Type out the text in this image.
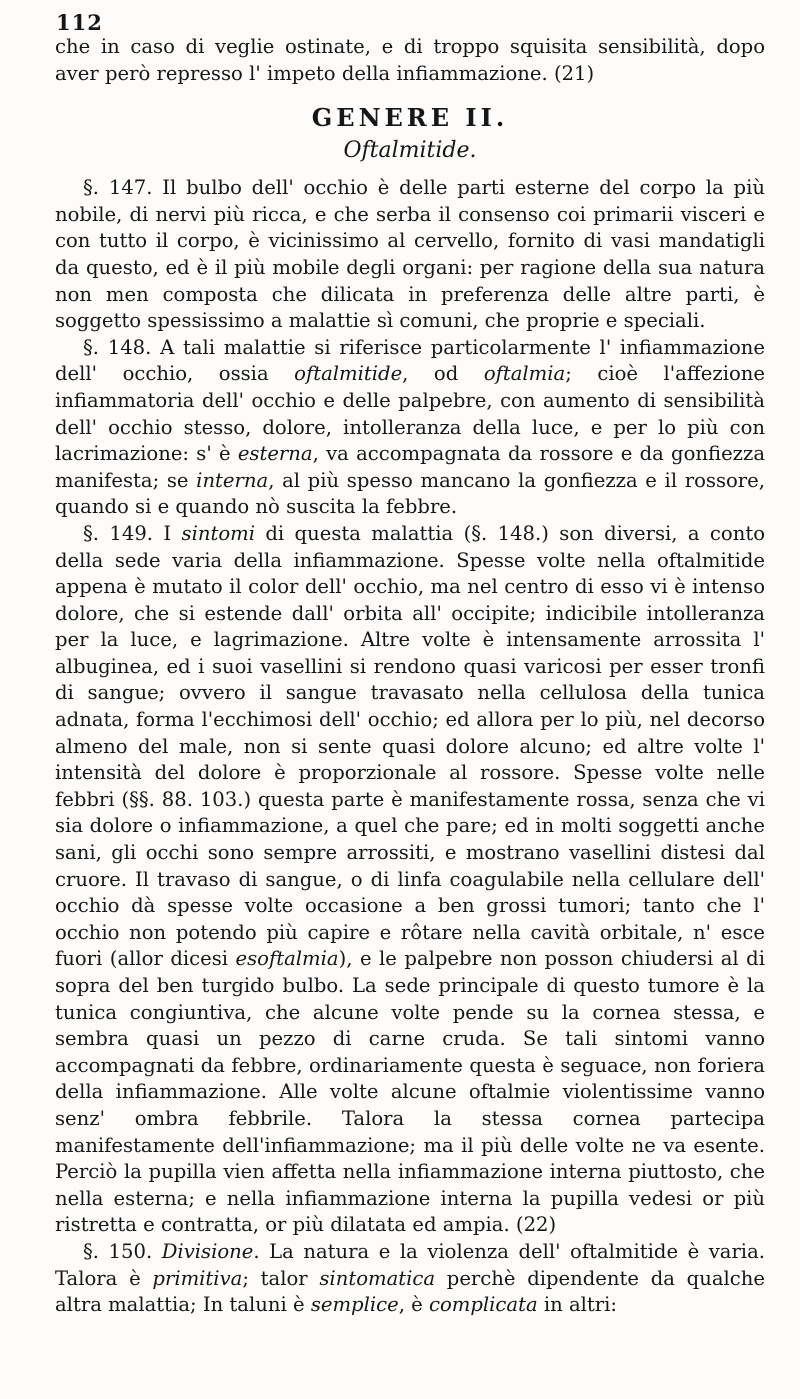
112

che in caso di veglie ostinate, e di troppo squisita sensibilità, dopo aver però represso l' impeto della infiammazione. (21)

GENERE II.
Oftalmitide.

§. 147. Il bulbo dell' occhio è delle parti esterne del corpo la più nobile, di nervi più ricca, e che serba il consenso coi primarii visceri e con tutto il corpo, è vicinissimo al cervello, fornito di vasi mandatigli da questo, ed è il più mobile degli organi: per ragione della sua natura non men composta che dilicata in preferenza delle altre parti, è soggetto spessissimo a malattie sì comuni, che proprie e speciali.

§. 148. A tali malattie si riferisce particolarmente l' infiammazione dell' occhio, ossia oftalmitide, od oftalmia; cioè l'affezione infiammatoria dell' occhio e delle palpebre, con aumento di sensibilità dell' occhio stesso, dolore, intolleranza della luce, e per lo più con lacrimazione: s' è esterna, va accompagnata da rossore e da gonfiezza manifesta; se interna, al più spesso mancano la gonfiezza e il rossore, quando si e quando nò suscita la febbre.

§. 149. I sintomi di questa malattia (§. 148.) son diversi, a conto della sede varia della infiammazione. Spesse volte nella oftalmitide appena è mutato il color dell' occhio, ma nel centro di esso vi è intenso dolore, che si estende dall' orbita all' occipite; indicibile intolleranza per la luce, e lagrimazione. Altre volte è intensamente arrossita l' albuginea, ed i suoi vasellini si rendono quasi varicosi per esser tronfi di sangue; ovvero il sangue travasato nella cellulosa della tunica adnata, forma l'ecchimosi dell' occhio; ed allora per lo più, nel decorso almeno del male, non si sente quasi dolore alcuno; ed altre volte l' intensità del dolore è proporzionale al rossore. Spesse volte nelle febbri (§§. 88. 103.) questa parte è manifestamente rossa, senza che vi sia dolore o infiammazione, a quel che pare; ed in molti soggetti anche sani, gli occhi sono sempre arrossiti, e mostrano vasellini distesi dal cruore. Il travaso di sangue, o di linfa coagulabile nella cellulare dell' occhio dà spesse volte occasione a ben grossi tumori; tanto che l' occhio non potendo più capire e rôtare nella cavità orbitale, n' esce fuori (allor dicesi esoftalmia), e le palpebre non posson chiudersi al di sopra del ben turgido bulbo. La sede principale di questo tumore è la tunica congiuntiva, che alcune volte pende su la cornea stessa, e sembra quasi un pezzo di carne cruda. Se tali sintomi vanno accompagnati da febbre, ordinariamente questa è seguace, non foriera della infiammazione. Alle volte alcune oftalmie violentissime vanno senz' ombra febbrile. Talora la stessa cornea partecipa manifestamente dell'infiammazione; ma il più delle volte ne va esente. Perciò la pupilla vien affetta nella infiammazione interna piuttosto, che nella esterna; e nella infiammazione interna la pupilla vedesi or più ristretta e contratta, or più dilatata ed ampia. (22)

§. 150. Divisione. La natura e la violenza dell' oftalmitide è varia. Talora è primitiva; talor sintomatica perchè dipendente da qualche altra malattia; In taluni è semplice, è complicata in altri:
